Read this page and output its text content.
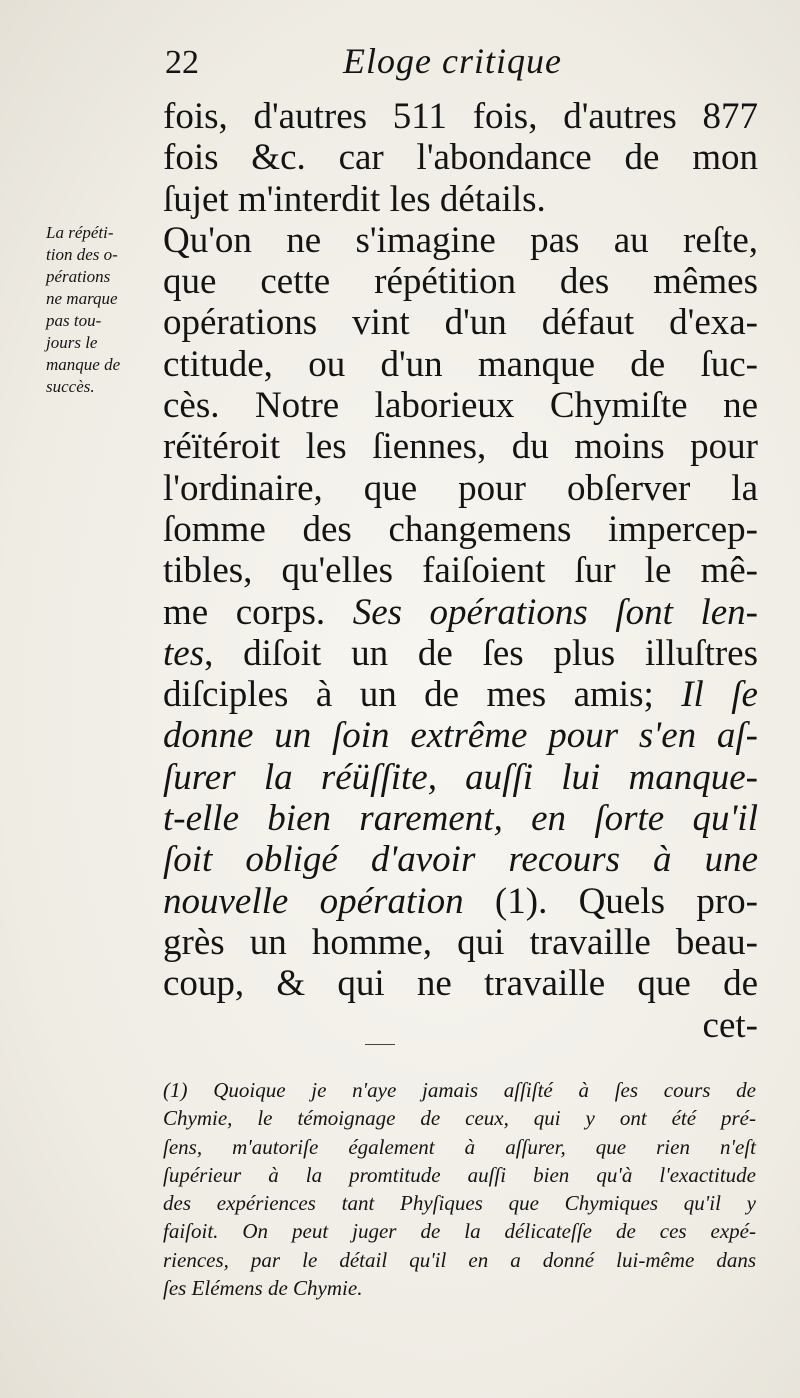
22	Eloge critique
La répéti-
tion des o-
pérations
ne marque
pas tou-
jours le
manque de
succès.
fois, d'autres 511 fois, d'autres 877
fois &c. car l'abondance de mon
ſujet m'interdit les détails.
Qu'on ne s'imagine pas au reſte,
que cette répétition des mêmes
opérations vint d'un défaut d'exa-
ctitude, ou d'un manque de ſuc-
cès. Notre laborieux Chymiſte ne
réïtéroit les ſiennes, du moins pour
l'ordinaire, que pour obſerver la
ſomme des changemens impercep-
tibles, qu'elles faiſoient ſur le mê-
me corps. Ses opérations ſont len-
tes, diſoit un de ſes plus illuſtres
diſciples à un de mes amis; Il ſe
donne un ſoin extrême pour s'en aſ-
ſurer la réüſſite, auſſi lui manque-
t-elle bien rarement, en ſorte qu'il
ſoit obligé d'avoir recours à une
nouvelle opération (1). Quels pro-
grès un homme, qui travaille beau-
coup, & qui ne travaille que de
cet-
(1) Quoique je n'aye jamais aſſiſté à ſes cours de
Chymie, le témoignage de ceux, qui y ont été pré-
ſens, m'autoriſe également à aſſurer, que rien n'eſt
ſupérieur à la promtitude auſſi bien qu'à l'exactitude
des expériences tant Phyſiques que Chymiques qu'il y
faiſoit. On peut juger de la délicateſſe de ces expé-
riences, par le détail qu'il en a donné lui-même dans
ſes Elémens de Chymie.
